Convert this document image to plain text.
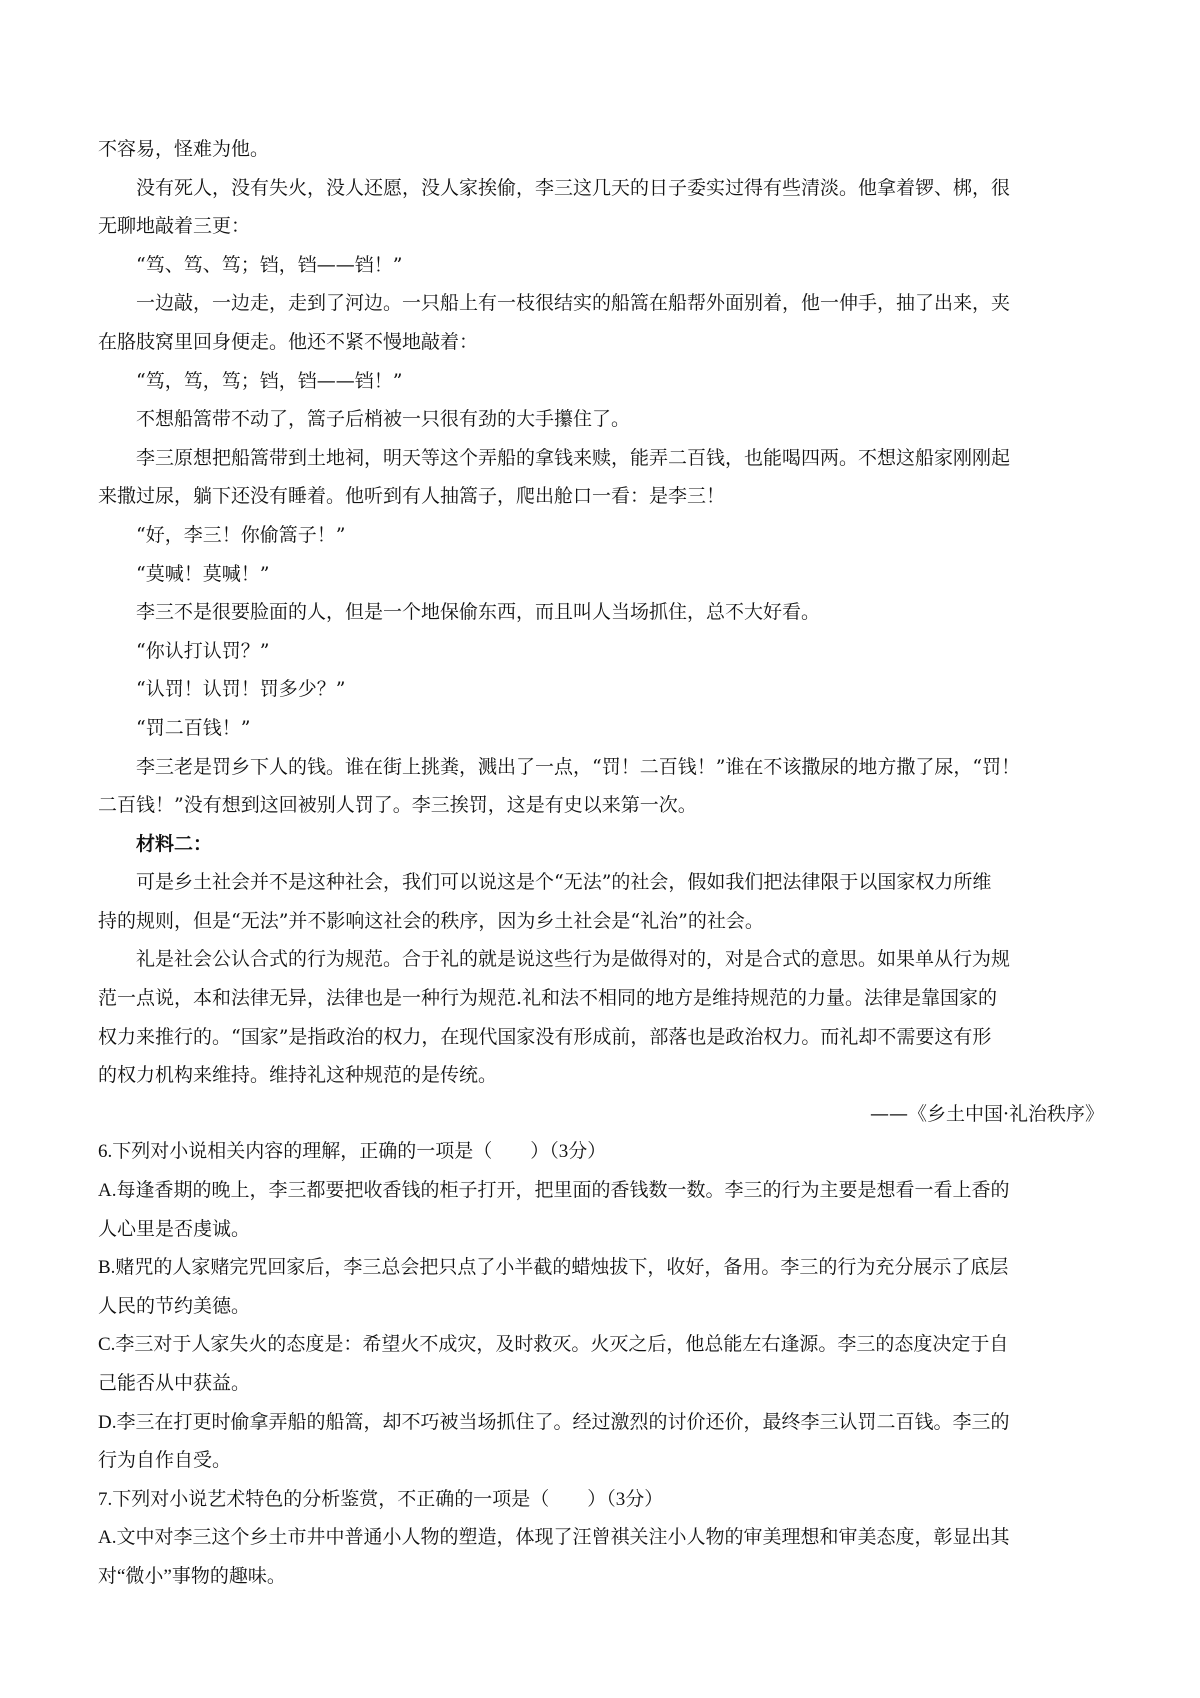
不容易，怪难为他。

没有死人，没有失火，没人还愿，没人家挨偷，李三这几天的日子委实过得有些清淡。他拿着锣、梆，很

无聊地敲着三更：

“笃、笃、笃；铛，铛——铛！”

一边敲，一边走，走到了河边。一只船上有一枝很结实的船篙在船帮外面别着，他一伸手，抽了出来，夹

在胳肢窝里回身便走。他还不紧不慢地敲着：

“笃，笃，笃；铛，铛——铛！”

不想船篙带不动了，篙子后梢被一只很有劲的大手攥住了。

李三原想把船篙带到土地祠，明天等这个弄船的拿钱来赎，能弄二百钱，也能喝四两。不想这船家刚刚起

来撒过尿，躺下还没有睡着。他听到有人抽篙子，爬出舱口一看：是李三！

“好，李三！你偷篙子！”

“莫喊！莫喊！”

李三不是很要脸面的人，但是一个地保偷东西，而且叫人当场抓住，总不大好看。

“你认打认罚？”

“认罚！认罚！罚多少？”

“罚二百钱！”

李三老是罚乡下人的钱。谁在街上挑粪，溅出了一点，“罚！二百钱！”谁在不该撒尿的地方撒了尿，“罚！

二百钱！”没有想到这回被别人罚了。李三挨罚，这是有史以来第一次。

材料二：

可是乡土社会并不是这种社会，我们可以说这是个“无法”的社会，假如我们把法律限于以国家权力所维

持的规则，但是“无法”并不影响这社会的秩序，因为乡土社会是“礼治”的社会。

礼是社会公认合式的行为规范。合于礼的就是说这些行为是做得对的，对是合式的意思。如果单从行为规

范一点说，本和法律无异，法律也是一种行为规范.礼和法不相同的地方是维持规范的力量。法律是靠国家的

权力来推行的。“国家”是指政治的权力，在现代国家没有形成前，部落也是政治权力。而礼却不需要这有形

的权力机构来维持。维持礼这种规范的是传统。

——《乡土中国·礼治秩序》

6.下列对小说相关内容的理解，正确的一项是（　　）（3分）

A.每逢香期的晚上，李三都要把收香钱的柜子打开，把里面的香钱数一数。李三的行为主要是想看一看上香的

人心里是否虔诚。

B.赌咒的人家赌完咒回家后，李三总会把只点了小半截的蜡烛拔下，收好，备用。李三的行为充分展示了底层

人民的节约美德。

C.李三对于人家失火的态度是：希望火不成灾，及时救灭。火灭之后，他总能左右逢源。李三的态度决定于自

己能否从中获益。

D.李三在打更时偷拿弄船的船篙，却不巧被当场抓住了。经过激烈的讨价还价，最终李三认罚二百钱。李三的

行为自作自受。

7.下列对小说艺术特色的分析鉴赏，不正确的一项是（　　）（3分）

A.文中对李三这个乡土市井中普通小人物的塑造，体现了汪曾祺关注小人物的审美理想和审美态度，彰显出其

对“微小”事物的趣味。
